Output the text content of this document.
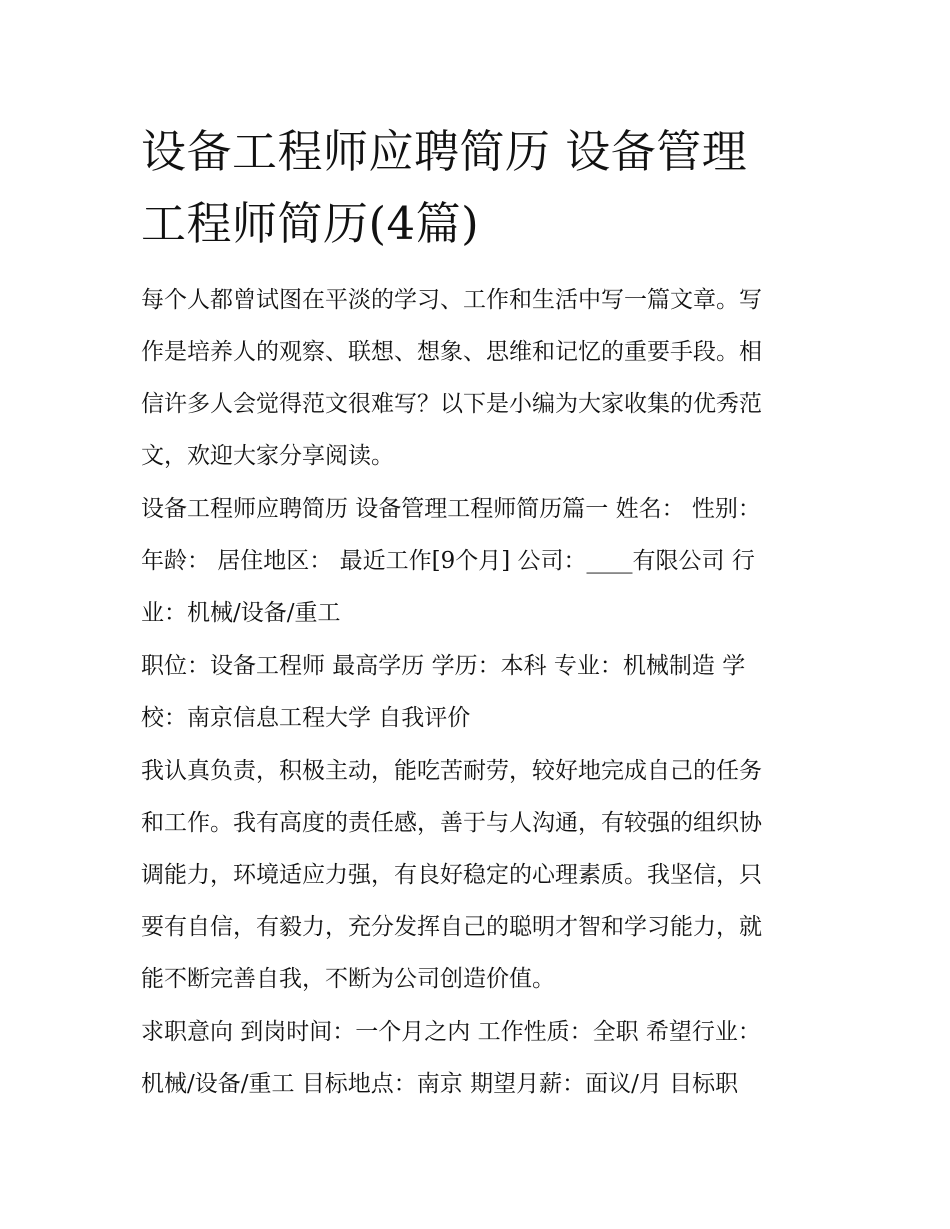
设备工程师应聘简历 设备管理
工程师简历(4篇)

每个人都曾试图在平淡的学习、工作和生活中写一篇文章。写
作是培养人的观察、联想、想象、思维和记忆的重要手段。相
信许多人会觉得范文很难写？以下是小编为大家收集的优秀范
文，欢迎大家分享阅读。

设备工程师应聘简历 设备管理工程师简历篇一 姓名： 性别：
年龄： 居住地区： 最近工作[9个月] 公司：____有限公司 行
业：机械/设备/重工

职位：设备工程师 最高学历 学历：本科 专业：机械制造 学
校：南京信息工程大学 自我评价

我认真负责，积极主动，能吃苦耐劳，较好地完成自己的任务
和工作。我有高度的责任感，善于与人沟通，有较强的组织协
调能力，环境适应力强，有良好稳定的心理素质。我坚信，只
要有自信，有毅力，充分发挥自己的聪明才智和学习能力，就
能不断完善自我，不断为公司创造价值。

求职意向 到岗时间：一个月之内 工作性质：全职 希望行业：
机械/设备/重工 目标地点：南京 期望月薪：面议/月 目标职
